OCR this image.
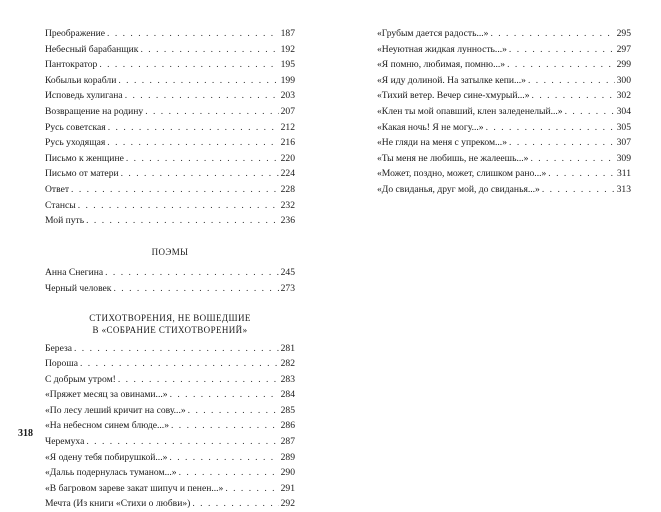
Преображение . . .	187
Небесный барабанщик . . .	192
Пантократор . . .	195
Кобыльи корабли . . .	199
Исповедь хулигана . . .	203
Возвращение на родину . . .	207
Русь советская . . .	212
Русь уходящая . . .	216
Письмо к женщине . . .	220
Письмо от матери . . .	224
Ответ . . .	228
Стансы . . .	232
Мой путь . . .	236
ПОЭМЫ
Анна Снегина . . .	245
Черный человек . . .	273
СТИХОТВОРЕНИЯ, НЕ ВОШЕДШИЕ
В «СОБРАНИЕ СТИХОТВОРЕНИЙ»
Береза . . .	281
Пороша . . .	282
С добрым утром! . . .	283
«Пряжет месяц за овинами...» . . .	284
«По лесу леший кричит на сову...» . . .	285
«На небесном синем блюде...» . . .	286
Черемуха . . .	287
«Я одену тебя побирушкой...» . . .	289
«Дальь подернулась туманом...» . . .	290
«В багровом зареве закат шипуч и пенен...» . . .	291
Мечта (Из книги «Стихи о любви») . . .	292
«Грубым дается радость...» . . .	295
«Неуютная жидкая лунность...» . . .	297
«Я помню, любимая, помню...» . . .	299
«Я иду долиной. На затылке кепи...» . . .	300
«Тихий ветер. Вечер сине-хмурый...» . . .	302
«Клен ты мой опавший, клен заледенелый...» . . .	304
«Какая ночь! Я не могу...» . . .	305
«Не гляди на меня с упреком...» . . .	307
«Ты меня не любишь, не жалеешь...» . . .	309
«Может, поздно, может, слишком рано...» . . .	311
«До свиданья, друг мой, до свиданья...» . . .	313
318
